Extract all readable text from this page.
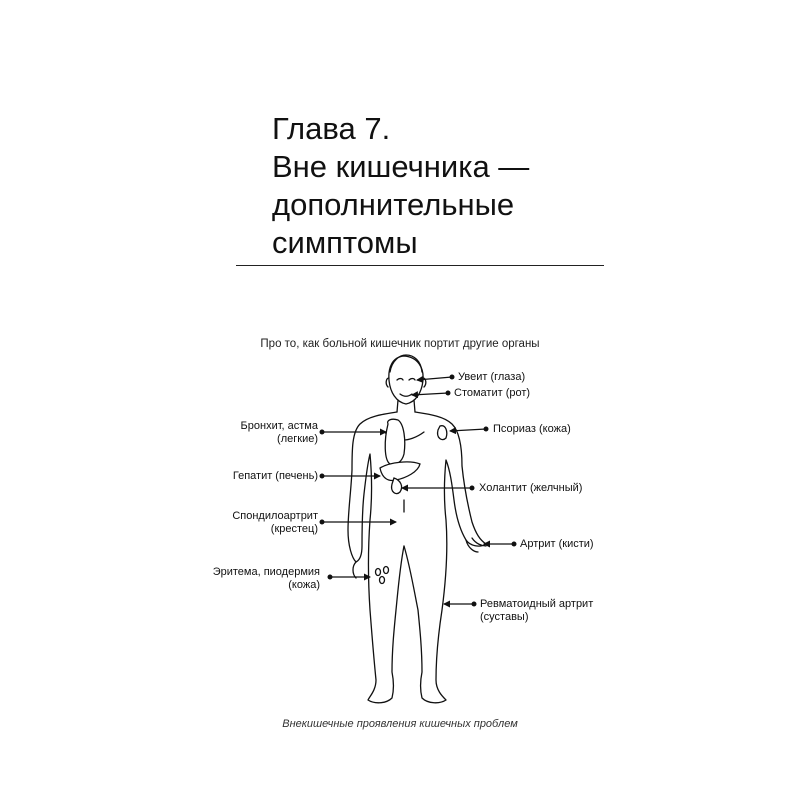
Глава 7.
Вне кишечника —
дополнительные
симптомы
Про то, как больной кишечник портит другие органы
Увеит (глаза)
Стоматит (рот)
Бронхит, астма
(легкие)
Псориаз (кожа)
Гепатит (печень)
Холантит (желчный)
Спондилоартрит
(крестец)
Артрит (кисти)
Эритема, пиодермия
(кожа)
Ревматоидный артрит
(суставы)
Внекишечные проявления кишечных проблем
